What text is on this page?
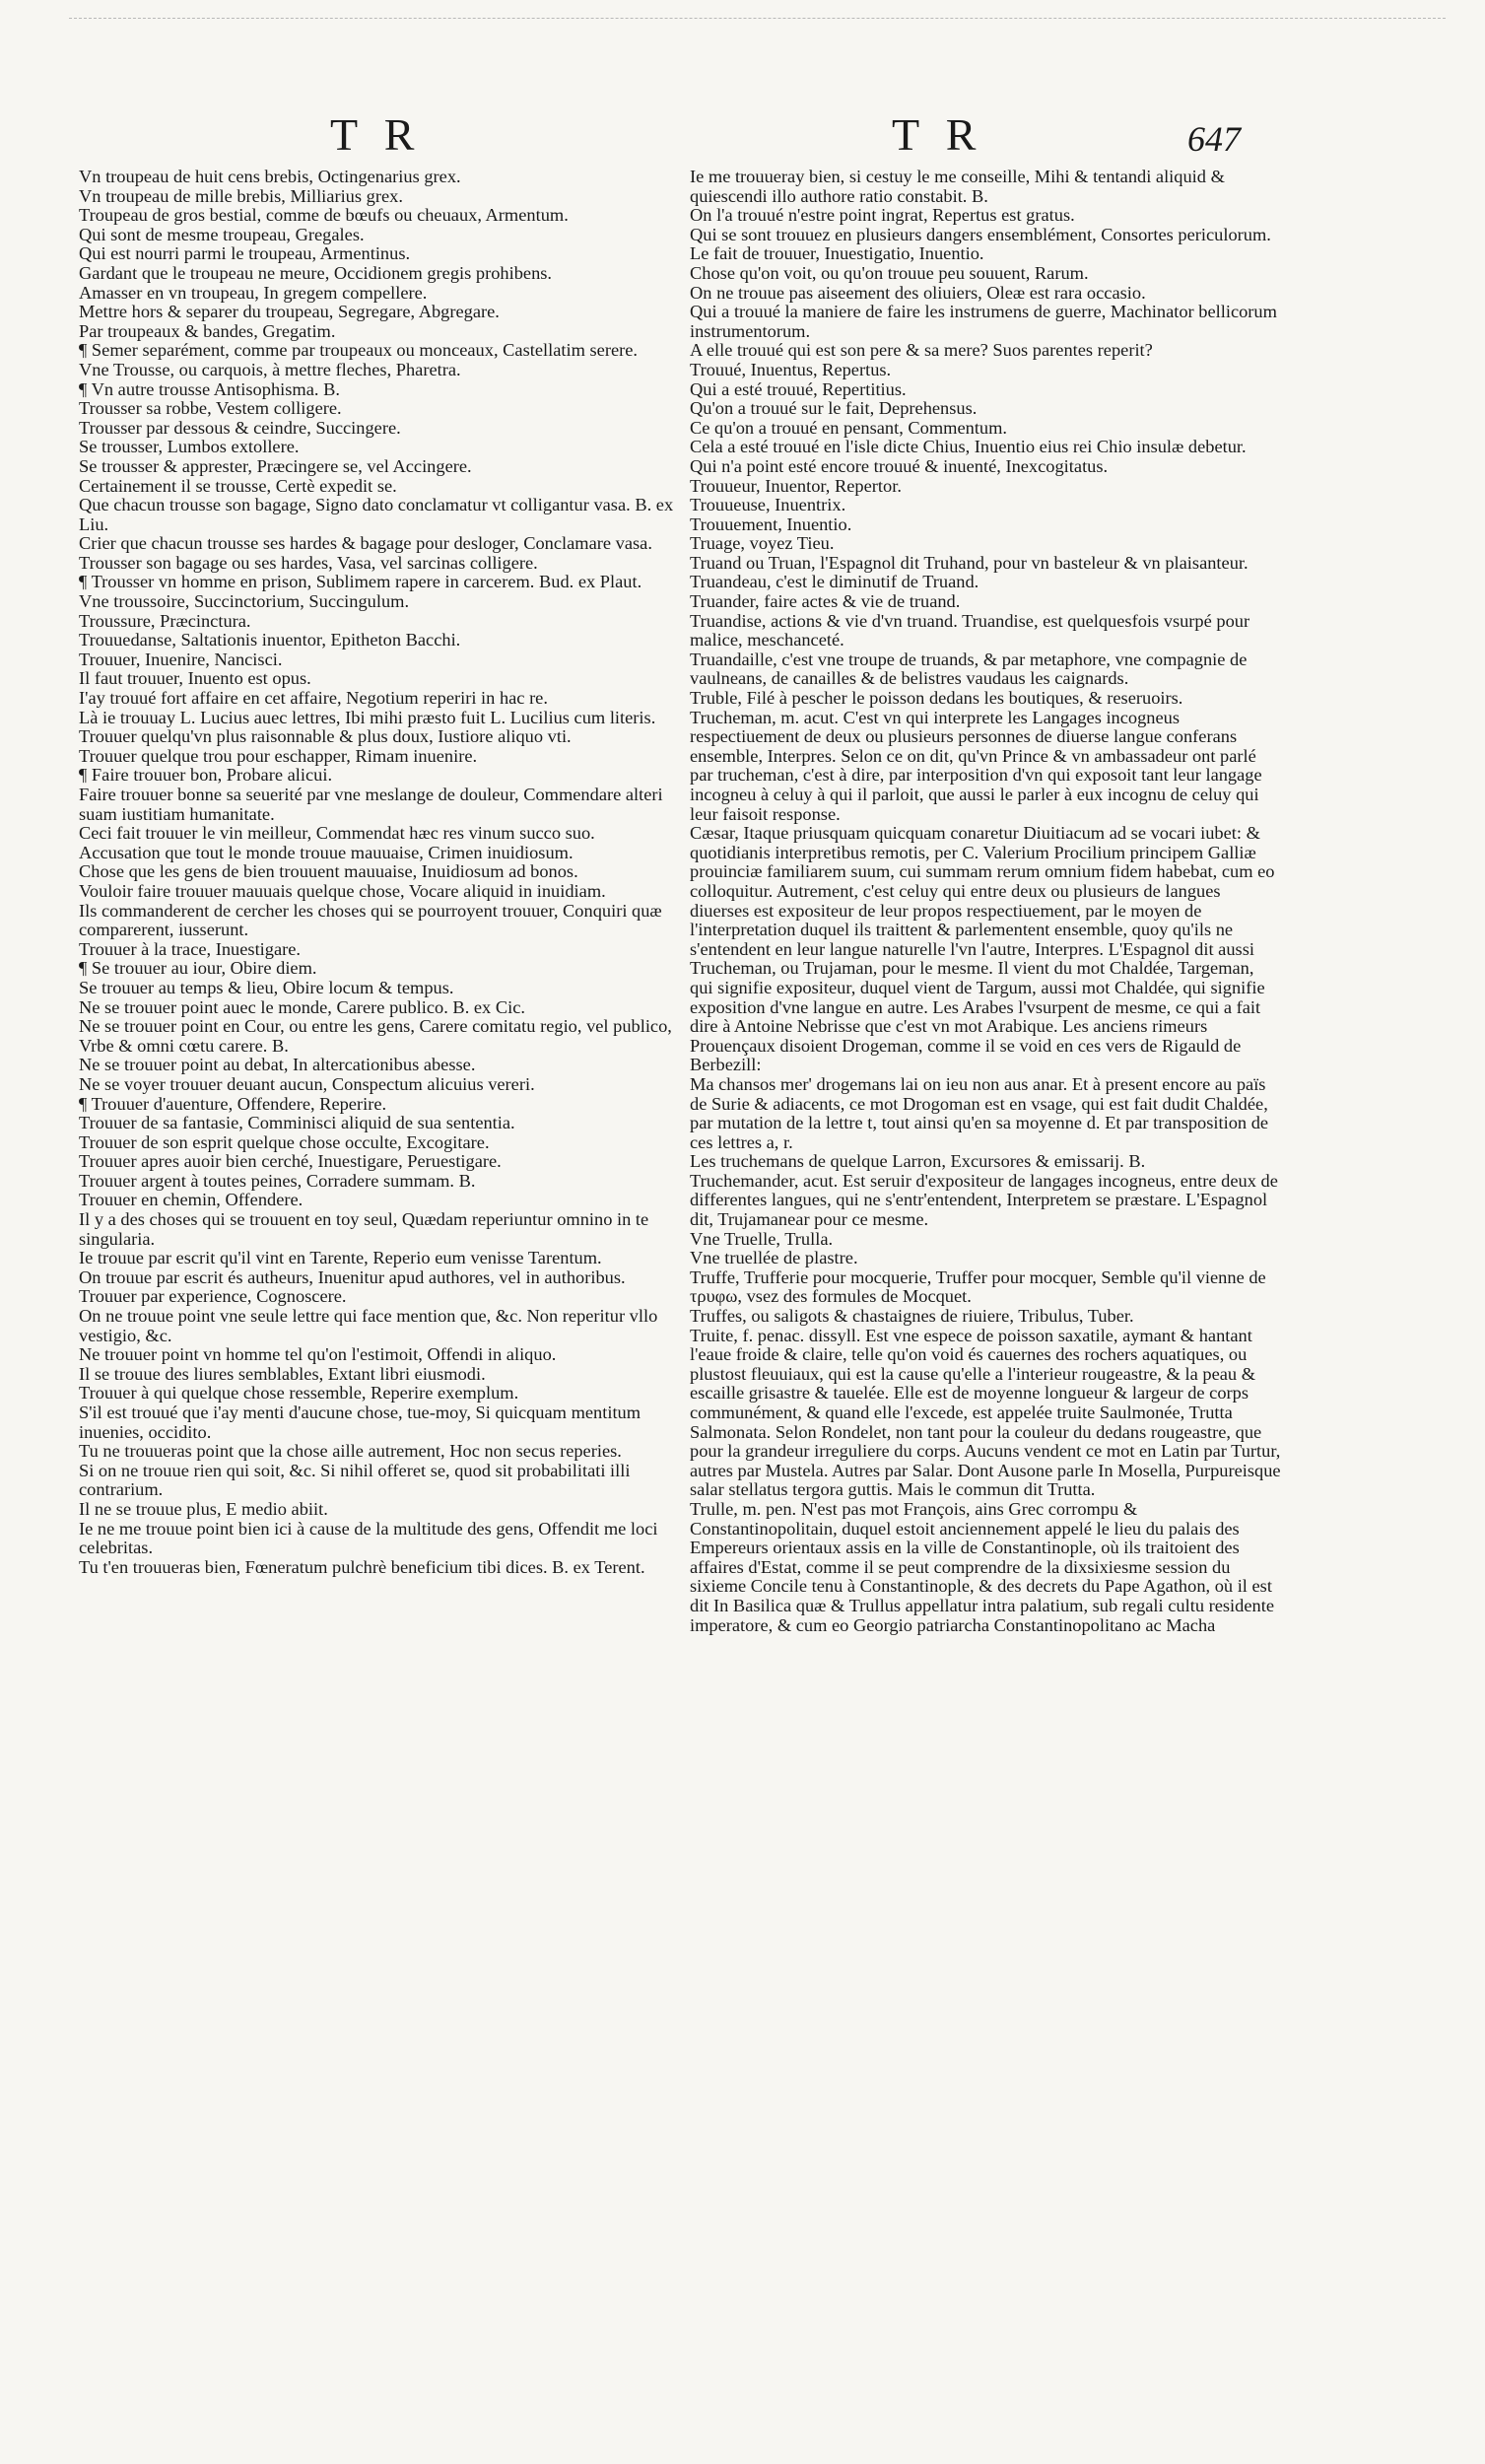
T R	T R	647
Vn troupeau de huit cens brebis, Octingenarius grex.
Vn troupeau de mille brebis, Milliarius grex.
Troupeau de gros bestial, comme de bœufs ou cheuaux, Armentum.
Qui sont de mesme troupeau, Gregales.
Qui est nourri parmi le troupeau, Armentinus.
Gardant que le troupeau ne meure, Occidionem gregis prohibens.
Amasser en vn troupeau, In gregem compellere.
Mettre hors & separer du troupeau, Segregare, Abgregare.
Par troupeaux & bandes, Gregatim.
¶ Semer separément, comme par troupeaux ou monceaux, Castellatim serere.
Vne Trousse, ou carquois, à mettre fleches, Pharetra.
¶ Vn autre trousse Antisophisma. B.
Trousser sa robbe, Vestem colligere.
Trousser par dessous & ceindre, Succingere.
Se trousser, Lumbos extollere.
Se trousser & apprester, Præcingere se, vel Accingere.
Certainement il se trousse, Certè expedit se.
Que chacun trousse son bagage, Signo dato conclamatur vt colligantur vasa. B. ex Liu.
Crier que chacun trousse ses hardes & bagage pour desloger, Conclamare vasa.
Trousser son bagage ou ses hardes, Vasa, vel sarcinas colligere.
¶ Trousser vn homme en prison, Sublimem rapere in carcerem. Bud. ex Plaut.
Vne troussoire, Succinctorium, Succingulum.
Troussure, Præcinctura.
Trouuedanse, Saltationis inuentor, Epitheton Bacchi.
Trouuer, Inuenire, Nancisci.
Il faut trouuer, Inuento est opus.
I'ay trouué fort affaire en cet affaire, Negotium reperiri in hac re.
Là ie trouuay L. Lucius auec lettres, Ibi mihi præsto fuit L. Lucilius cum literis.
Trouuer quelqu'vn plus raisonnable & plus doux, Iustiore aliquo vti.
Trouuer quelque trou pour eschapper, Rimam inuenire.
¶ Faire trouuer bon, Probare alicui.
Faire trouuer bonne sa seuerité par vne meslange de douleur, Commendare alteri suam iustitiam humanitate.
Ceci fait trouuer le vin meilleur, Commendat hæc res vinum succo suo.
Accusation que tout le monde trouue mauuaise, Crimen inuidiosum.
Chose que les gens de bien trouuent mauuaise, Inuidiosum ad bonos.
Vouloir faire trouuer mauuais quelque chose, Vocare aliquid in inuidiam.
Ils commanderent de cercher les choses qui se pourroyent trouuer, Conquiri quæ comparerent, iusserunt.
Trouuer à la trace, Inuestigare.
¶ Se trouuer au iour, Obire diem.
Se trouuer au temps & lieu, Obire locum & tempus.
Ne se trouuer point auec le monde, Carere publico. B. ex Cic.
Ne se trouuer point en Cour, ou entre les gens, Carere comitatu regio, vel publico, Vrbe & omni cœtu carere. B.
Ne se trouuer point au debat, In altercationibus abesse.
Ne se voyer trouuer deuant aucun, Conspectum alicuius vereri.
¶ Trouuer d'auenture, Offendere, Reperire.
Trouuer de sa fantasie, Comminisci aliquid de sua sententia.
Trouuer de son esprit quelque chose occulte, Excogitare.
Trouuer apres auoir bien cerché, Inuestigare, Peruestigare.
Trouuer argent à toutes peines, Corradere summam. B.
Trouuer en chemin, Offendere.
Il y a des choses qui se trouuent en toy seul, Quædam reperiuntur omnino in te singularia.
Ie trouue par escrit qu'il vint en Tarente, Reperio eum venisse Tarentum.
On trouue par escrit és autheurs, Inuenitur apud authores, vel in authoribus.
Trouuer par experience, Cognoscere.
On ne trouue point vne seule lettre qui face mention que, &c. Non reperitur vllo vestigio, &c.
Ne trouuer point vn homme tel qu'on l'estimoit, Offendi in aliquo.
Il se trouue des liures semblables, Extant libri eiusmodi.
Trouuer à qui quelque chose ressemble, Reperire exemplum.
S'il est trouué que i'ay menti d'aucune chose, tue-moy, Si quicquam mentitum inuenies, occidito.
Tu ne trouueras point que la chose aille autrement, Hoc non secus reperies.
Si on ne trouue rien qui soit, &c. Si nihil offeret se, quod sit probabilitati illi contrarium.
Il ne se trouue plus, E medio abiit.
Ie ne me trouue point bien ici à cause de la multitude des gens, Offendit me loci celebritas.
Tu t'en trouueras bien, Fœneratum pulchrè beneficium tibi dices. B. ex Terent.
Ie me trouueray bien, si cestuy le me conseille, Mihi & tentandi aliquid & quiescendi illo authore ratio constabit. B.
On l'a trouué n'estre point ingrat, Repertus est gratus.
Qui se sont trouuez en plusieurs dangers ensemblément, Consortes periculorum.
Le fait de trouuer, Inuestigatio, Inuentio.
Chose qu'on voit, ou qu'on trouue peu souuent, Rarum.
On ne trouue pas aiseement des oliuiers, Oleæ est rara occasio.
Qui a trouué la maniere de faire les instrumens de guerre, Machinator bellicorum instrumentorum.
A elle trouué qui est son pere & sa mere? Suos parentes reperit?
Trouué, Inuentus, Repertus.
Qui a esté trouué, Repertitius.
Qu'on a trouué sur le fait, Deprehensus.
Ce qu'on a trouué en pensant, Commentum.
Cela a esté trouué en l'isle dicte Chius, Inuentio eius rei Chio insulæ debetur.
Qui n'a point esté encore trouué & inuenté, Inexcogitatus.
Trouueur, Inuentor, Repertor.
Trouueuse, Inuentrix.
Trouuement, Inuentio.
Truage, voyez Tieu.
Truand ou Truan, l'Espagnol dit Truhand, pour vn basteleur & vn plaisanteur.
Truandeau, c'est le diminutif de Truand.
Truander, faire actes & vie de truand.
Truandise, actions & vie d'vn truand. Truandise, est quelquesfois vsurpé pour malice, meschanceté.
Truandaille, c'est vne troupe de truands, & par metaphore, vne compagnie de vaulneans, de canailles & de belistres vaudaus les caignards.
Truble, Filé à pescher le poisson dedans les boutiques, & reseruoirs.
Trucheman, m. acut. C'est vn qui interprete les Langages incogneus respectiuement de deux ou plusieurs personnes de diuerse langue conferans ensemble, Interpres. Selon ce on dit, qu'vn Prince & vn ambassadeur ont parlé par trucheman, c'est à dire, par interposition d'vn qui exposoit tant leur langage incogneu à celuy à qui il parloit, que aussi le parler à eux incognu de celuy qui leur faisoit response.
Cæsar, Itaque priusquam quicquam conaretur Diuitiacum ad se vocari iubet: & quotidianis interpretibus remotis, per C. Valerium Procilium principem Galliæ prouinciæ familiarem suum, cui summam rerum omnium fidem habebat, cum eo colloquitur. Autrement, c'est celuy qui entre deux ou plusieurs de langues diuerses est expositeur de leur propos respectiuement, par le moyen de l'interpretation duquel ils traittent & parlementent ensemble, quoy qu'ils ne s'entendent en leur langue naturelle l'vn l'autre, Interpres. L'Espagnol dit aussi Trucheman, ou Trujaman, pour le mesme. Il vient du mot Chaldée, Targeman, qui signifie expositeur, duquel vient de Targum, aussi mot Chaldée, qui signifie exposition d'vne langue en autre. Les Arabes l'vsurpent de mesme, ce qui a fait dire à Antoine Nebrisse que c'est vn mot Arabique. Les anciens rimeurs Prouençaux disoient Drogeman, comme il se void en ces vers de Rigauld de Berbezill:
Ma chansos mer' drogemans lai on ieu non aus anar. Et à present encore au païs de Surie & adiacents, ce mot Drogoman est en vsage, qui est fait dudit Chaldée, par mutation de la lettre t, tout ainsi qu'en sa moyenne d. Et par transposition de ces lettres a, r.
Les truchemans de quelque Larron, Excursores & emissarij. B.
Truchemander, acut. Est seruir d'expositeur de langages incogneus, entre deux de differentes langues, qui ne s'entr'entendent, Interpretem se præstare. L'Espagnol dit, Trujamanear pour ce mesme.
Vne Truelle, Trulla.
Vne truellée de plastre.
Truffe, Trufferie pour mocquerie, Truffer pour mocquer, Semble qu'il vienne de τρυφω, vsez des formules de Mocquet.
Truffes, ou saligots & chastaignes de riuiere, Tribulus, Tuber.
Truite, f. penac. dissyll. Est vne espece de poisson saxatile, aymant & hantant l'eaue froide & claire, telle qu'on void és cauernes des rochers aquatiques, ou plustost fleuuiaux, qui est la cause qu'elle a l'interieur rougeastre, & la peau & escaille grisastre & tauelée. Elle est de moyenne longueur & largeur de corps communément, & quand elle l'excede, est appelée truite Saulmonée, Trutta Salmonata. Selon Rondelet, non tant pour la couleur du dedans rougeastre, que pour la grandeur irreguliere du corps. Aucuns vendent ce mot en Latin par Turtur, autres par Mustela. Autres par Salar. Dont Ausone parle In Mosella, Purpureisque salar stellatus tergora guttis. Mais le commun dit Trutta.
Trulle, m. pen. N'est pas mot François, ains Grec corrompu & Constantinopolitain, duquel estoit anciennement appelé le lieu du palais des Empereurs orientaux assis en la ville de Constantinople, où ils traitoient des affaires d'Estat, comme il se peut comprendre de la dixsixiesme session du sixieme Concile tenu à Constantinople, & des decrets du Pape Agathon, où il est dit In Basilica quæ & Trullus appellatur intra palatium, sub regali cultu residente imperatore, & cum eo Georgio patriarcha Constantinopolitano ac Macha
